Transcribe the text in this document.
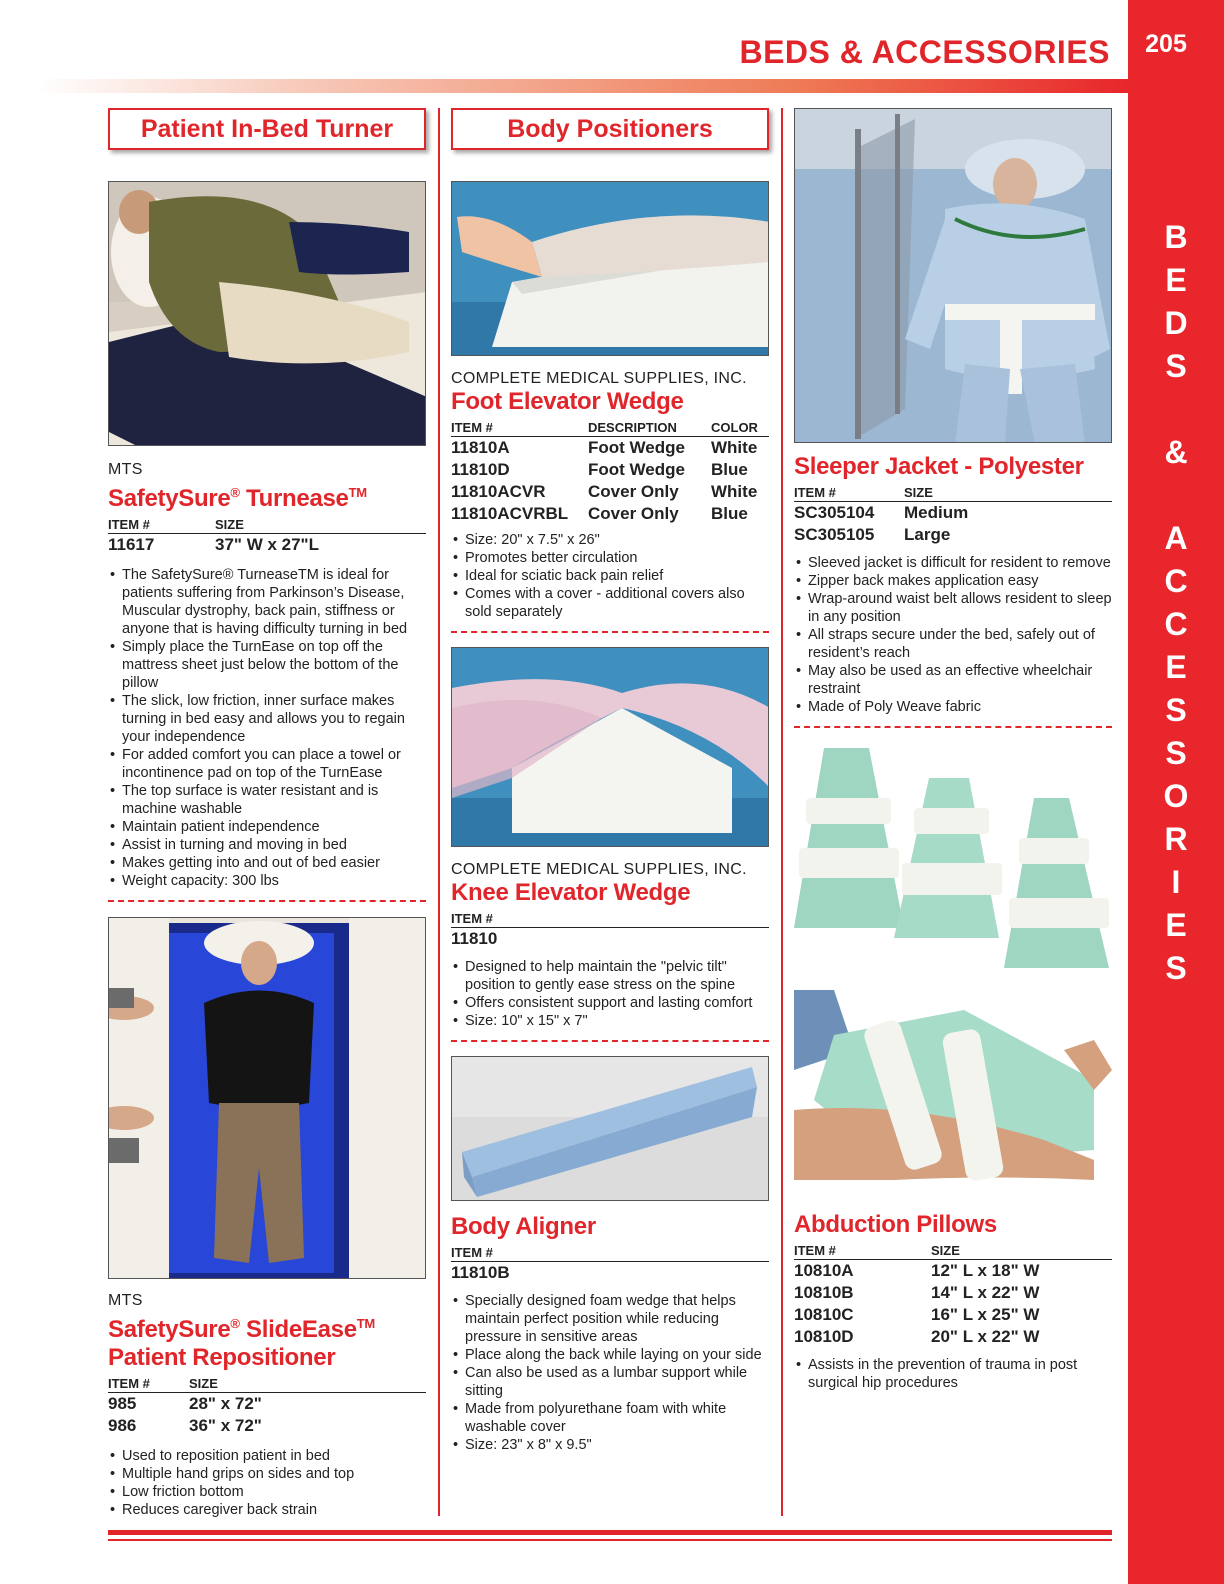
205
B
E
D
S
&
A
C
C
E
S
S
O
R
I
E
S
BEDS & ACCESSORIES
Patient In-Bed Turner
MTS
SafetySure® Turnease™
ITEM #	SIZE
11617	37" W x 27"L
• The SafetySure® TurneaseTM is ideal for patients suffering from Parkinson’s Disease, Muscular dystrophy, back pain, stiffness or anyone that is having difficulty turning in bed
• Simply place the TurnEase on top off the mattress sheet just below the bottom of the pillow
• The slick, low friction, inner surface makes turning in bed easy and allows you to regain your independence
• For added comfort you can place a towel or incontinence pad on top of the TurnEase
• The top surface is water resistant and is machine washable
• Maintain patient independence
• Assist in turning and moving in bed
• Makes getting into and out of bed easier
• Weight capacity: 300 lbs
MTS
SafetySure® SlideEase™
Patient Repositioner
ITEM #	SIZE
985	28" x 72"
986	36" x 72"
• Used to reposition patient in bed
• Multiple hand grips on sides and top
• Low friction bottom
• Reduces caregiver back strain
Body Positioners
COMPLETE MEDICAL SUPPLIES, INC.
Foot Elevator Wedge
ITEM #	DESCRIPTION	COLOR
11810A	Foot Wedge	White
11810D	Foot Wedge	Blue
11810ACVR	Cover Only	White
11810ACVRBL	Cover Only	Blue
• Size: 20" x 7.5" x 26"
• Promotes better circulation
• Ideal for sciatic back pain relief
• Comes with a cover - additional covers also sold separately
COMPLETE MEDICAL SUPPLIES, INC.
Knee Elevator Wedge
ITEM #
11810
• Designed to help maintain the "pelvic tilt" position to gently ease stress on the spine
• Offers consistent support and lasting comfort
• Size: 10" x 15" x 7"
Body Aligner
ITEM #
11810B
• Specially designed foam wedge that helps maintain perfect position while reducing pressure in sensitive areas
• Place along the back while laying on your side
• Can also be used as a lumbar support while sitting
• Made from polyurethane foam with white washable cover
• Size: 23" x 8" x 9.5"
Sleeper Jacket - Polyester
ITEM #	SIZE
SC305104	Medium
SC305105	Large
• Sleeved jacket is difficult for resident to remove
• Zipper back makes application easy
• Wrap-around waist belt allows resident to sleep in any position
• All straps secure under the bed, safely out of resident’s reach
• May also be used as an effective wheelchair restraint
• Made of Poly Weave fabric
Abduction Pillows
ITEM #	SIZE
10810A	12" L x 18" W
10810B	14" L x 22" W
10810C	16" L x 25" W
10810D	20" L x 22" W
• Assists in the prevention of trauma in post surgical hip procedures
